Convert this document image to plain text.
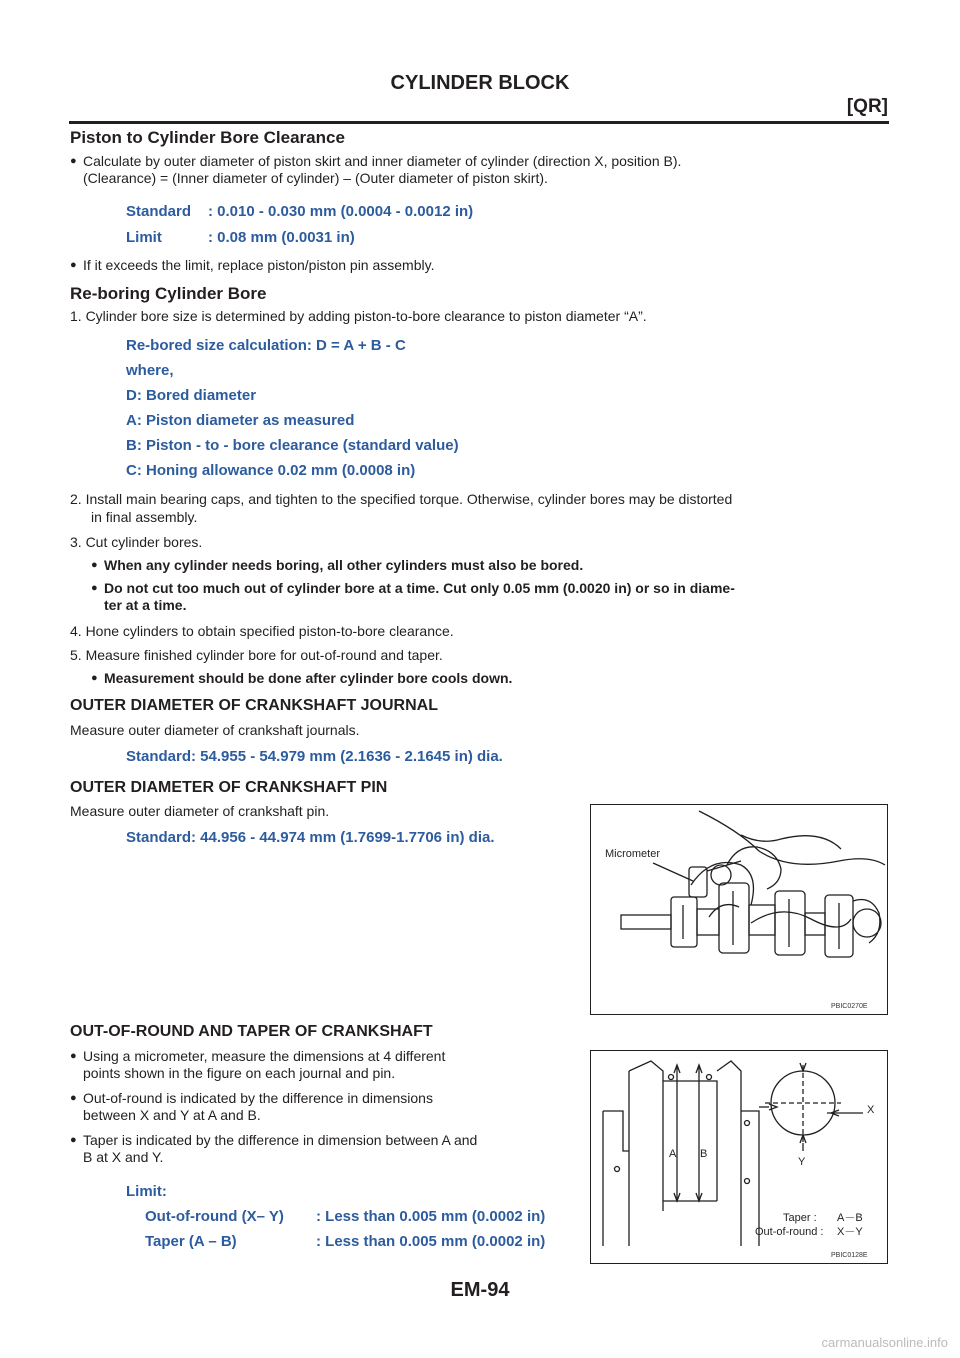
CYLINDER BLOCK
[QR]
Piston to Cylinder Bore Clearance
● Calculate by outer diameter of piston skirt and inner diameter of cylinder (direction X, position B).
(Clearance) = (Inner diameter of cylinder) – (Outer diameter of piston skirt).
Standard : 0.010 - 0.030 mm (0.0004 - 0.0012 in)
Limit	: 0.08 mm (0.0031 in)
● If it exceeds the limit, replace piston/piston pin assembly.
Re-boring Cylinder Bore
1. Cylinder bore size is determined by adding piston-to-bore clearance to piston diameter “A”.
Re-bored size calculation: D = A + B - C
where,
D: Bored diameter
A: Piston diameter as measured
B: Piston - to - bore clearance (standard value)
C: Honing allowance 0.02 mm (0.0008 in)
2. Install main bearing caps, and tighten to the specified torque. Otherwise, cylinder bores may be distorted
in final assembly.
3. Cut cylinder bores.
● When any cylinder needs boring, all other cylinders must also be bored.
● Do not cut too much out of cylinder bore at a time. Cut only 0.05 mm (0.0020 in) or so in diame-
ter at a time.
4. Hone cylinders to obtain specified piston-to-bore clearance.
5. Measure finished cylinder bore for out-of-round and taper.
● Measurement should be done after cylinder bore cools down.
OUTER DIAMETER OF CRANKSHAFT JOURNAL
Measure outer diameter of crankshaft journals.
Standard: 54.955 - 54.979 mm (2.1636 - 2.1645 in) dia.
OUTER DIAMETER OF CRANKSHAFT PIN
Measure outer diameter of crankshaft pin.
Standard: 44.956 - 44.974 mm (1.7699-1.7706 in) dia.
Micrometer
PBIC0270E
OUT-OF-ROUND AND TAPER OF CRANKSHAFT
● Using a micrometer, measure the dimensions at 4 different
points shown in the figure on each journal and pin.
● Out-of-round is indicated by the difference in dimensions
between X and Y at A and B.
● Taper is indicated by the difference in dimension between A and
B at X and Y.
Limit:
Out-of-round (X– Y) : Less than 0.005 mm (0.0002 in)
Taper (A – B)	: Less than 0.005 mm (0.0002 in)
A B
X
Y
Taper : A－B
Out-of-round : X－Y
PBIC0128E
EM-94
carmanualsonline.info
